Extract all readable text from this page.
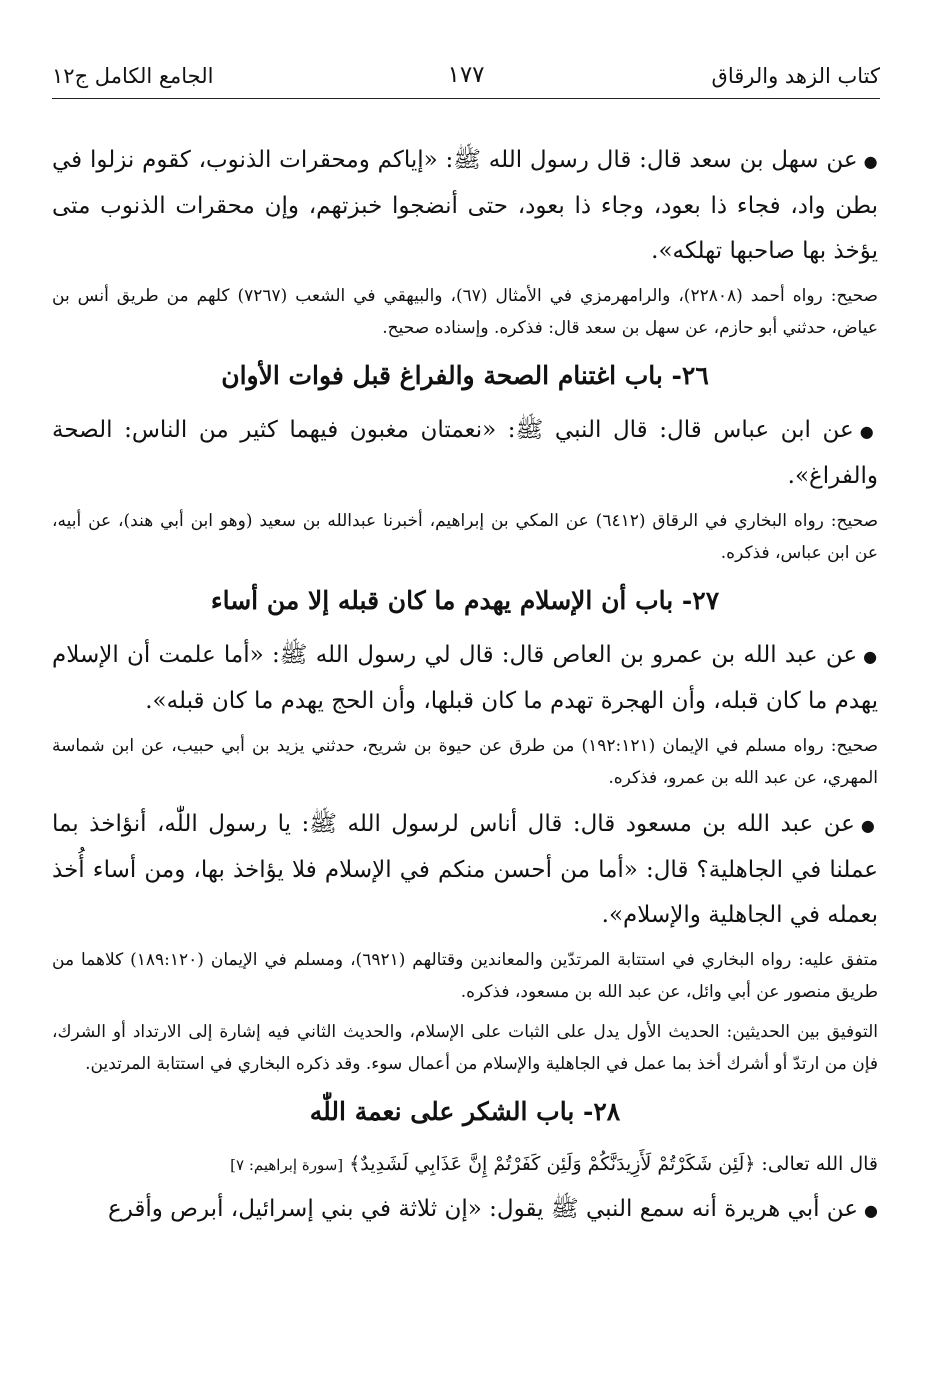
كتاب الزهد والرقاق
١٧٧
الجامع الكامل ج١٢

●عن سهل بن سعد قال: قال رسول الله ﷺ: «إياكم ومحقرات الذنوب، كقوم نزلوا في بطن واد، فجاء ذا بعود، وجاء ذا بعود، حتى أنضجوا خبزتهم، وإن محقرات الذنوب متى يؤخذ بها صاحبها تهلكه».

صحيح: رواه أحمد (٢٢٨٠٨)، والرامهرمزي في الأمثال (٦٧)، والبيهقي في الشعب (٧٢٦٧) كلهم من طريق أنس بن عياض، حدثني أبو حازم، عن سهل بن سعد قال: فذكره. وإسناده صحيح.

٢٦- باب اغتنام الصحة والفراغ قبل فوات الأوان

●عن ابن عباس قال: قال النبي ﷺ: «نعمتان مغبون فيهما كثير من الناس: الصحة والفراغ».

صحيح: رواه البخاري في الرقاق (٦٤١٢) عن المكي بن إبراهيم، أخبرنا عبدالله بن سعيد (وهو ابن أبي هند)، عن أبيه، عن ابن عباس، فذكره.

٢٧- باب أن الإسلام يهدم ما كان قبله إلا من أساء

●عن عبد الله بن عمرو بن العاص قال: قال لي رسول الله ﷺ: «أما علمت أن الإسلام يهدم ما كان قبله، وأن الهجرة تهدم ما كان قبلها، وأن الحج يهدم ما كان قبله».

صحيح: رواه مسلم في الإيمان (١٩٢:١٢١) من طرق عن حيوة بن شريح، حدثني يزيد بن أبي حبيب، عن ابن شماسة المهري، عن عبد الله بن عمرو، فذكره.

●عن عبد الله بن مسعود قال: قال أناس لرسول الله ﷺ: يا رسول اللّٰه، أنؤاخذ بما عملنا في الجاهلية؟ قال: «أما من أحسن منكم في الإسلام فلا يؤاخذ بها، ومن أساء أُخذ بعمله في الجاهلية والإسلام».

متفق عليه: رواه البخاري في استتابة المرتدّين والمعاندين وقتالهم (٦٩٢١)، ومسلم في الإيمان (١٨٩:١٢٠) كلاهما من طريق منصور عن أبي وائل، عن عبد الله بن مسعود، فذكره.

التوفيق بين الحديثين: الحديث الأول يدل على الثبات على الإسلام، والحديث الثاني فيه إشارة إلى الارتداد أو الشرك، فإن من ارتدّ أو أشرك أخذ بما عمل في الجاهلية والإسلام من أعمال سوء. وقد ذكره البخاري في استتابة المرتدين.

٢٨- باب الشكر على نعمة اللّٰه

قال الله تعالى: ﴿لَئِن شَكَرْتُمْ لَأَزِيدَنَّكُمْ وَلَئِن كَفَرْتُمْ إِنَّ عَذَابِي لَشَدِيدٌ﴾ [سورة إبراهيم: ٧]

●عن أبي هريرة أنه سمع النبي ﷺ يقول: «إن ثلاثة في بني إسرائيل، أبرص وأقرع
